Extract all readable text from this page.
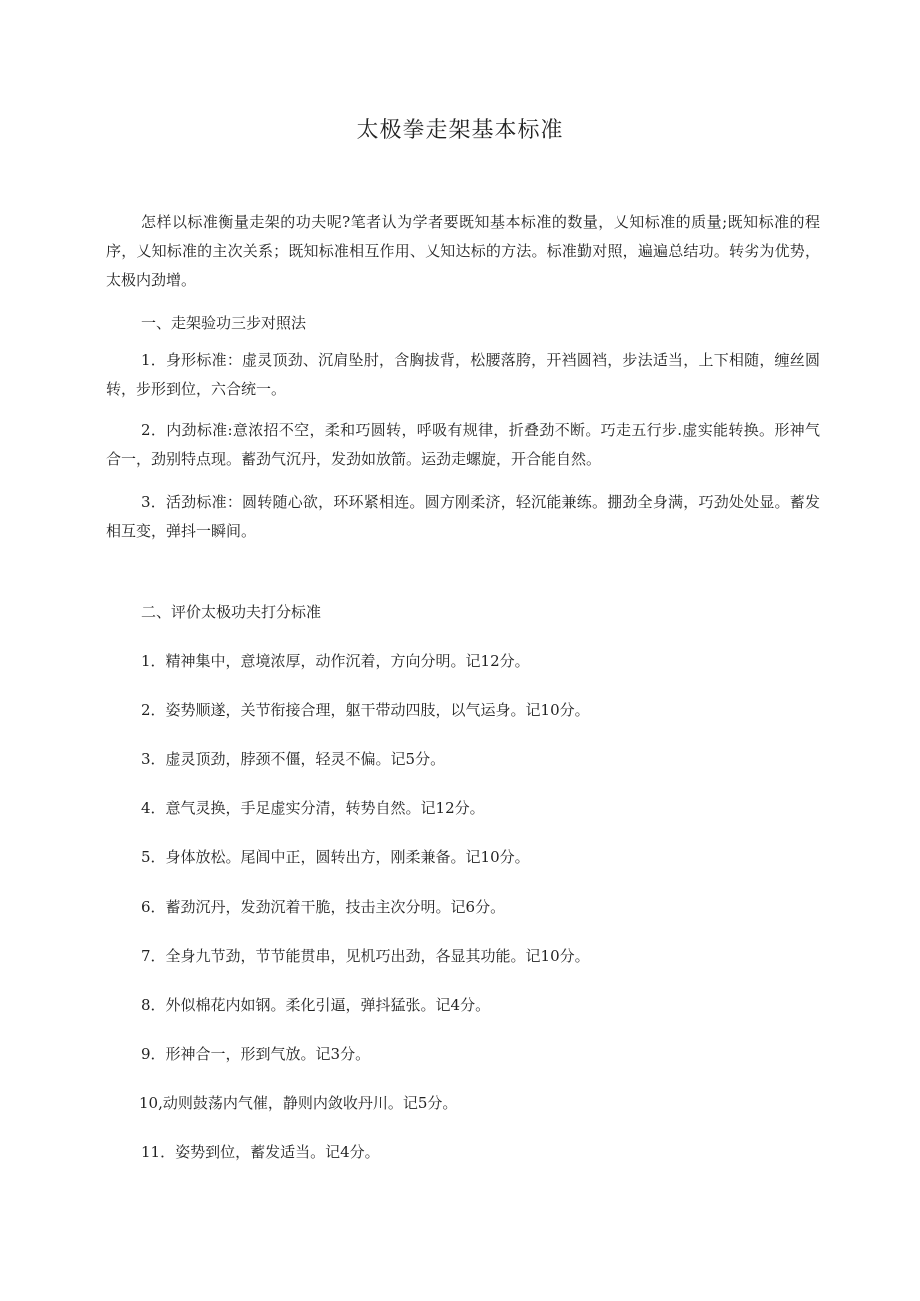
太极拳走架基本标准

怎样以标准衡量走架的功夫呢?笔者认为学者要既知基本标准的数量，乂知标准的质量;既知标准的程序，乂知标准的主次关系；既知标准相互作用、乂知达标的方法。标准勤对照，遍遍总结功。转劣为优势，太极内劲增。

一、走架验功三步对照法

1．身形标准：虚灵顶劲、沉肩坠肘，含胸拔背，松腰落胯，开裆圆裆，步法适当，上下相随，缠丝圆转，步形到位，六合统一。

2．内劲标准:意浓招不空，柔和巧圆转，呼吸有规律，折叠劲不断。巧走五行步.虚实能转换。形神气合一，劲别特点现。蓄劲气沉丹，发劲如放箭。运劲走螺旋，开合能自然。

3．活劲标准：圆转随心欲，环环紧相连。圆方刚柔济，轻沉能兼练。掤劲全身满，巧劲处处显。蓄发相互变，弹抖一瞬间。

二、评价太极功夫打分标准

1．精神集中，意境浓厚，动作沉着，方向分明。记12分。

2．姿势顺遂，关节衔接合理，躯干带动四肢，以气运身。记10分。

3．虚灵顶劲，脖颈不僵，轻灵不偏。记5分。

4．意气灵换，手足虚实分清，转势自然。记12分。

5．身体放松。尾闾中正，圆转出方，刚柔兼备。记10分。

6．蓄劲沉丹，发劲沉着干脆，技击主次分明。记6分。

7．全身九节劲，节节能贯串，见机巧出劲，各显其功能。记10分。

8．外似棉花内如钢。柔化引逼，弹抖猛张。记4分。

9．形神合一，形到气放。记3分。

10,动则鼓荡内气催，静则内敛收丹川。记5分。

11．姿势到位，蓄发适当。记4分。
